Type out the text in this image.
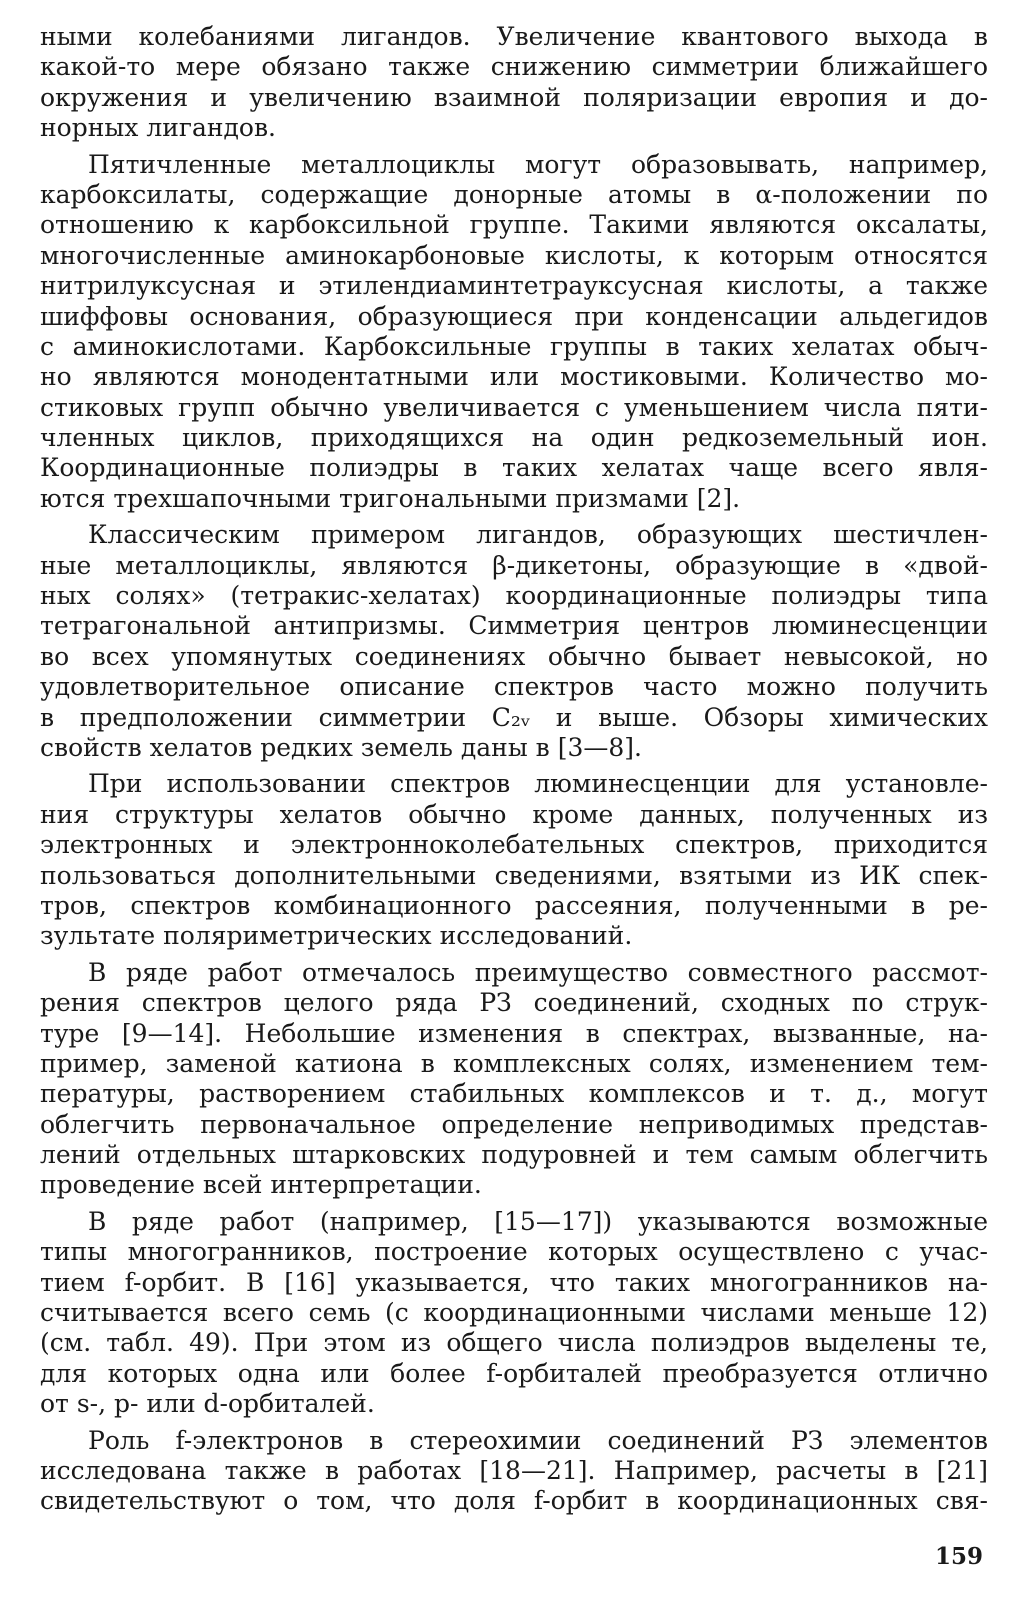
ными колебаниями лигандов. Увеличение квантового выхода в
какой-то мере обязано также снижению симметрии ближайшего
окружения и увеличению взаимной поляризации европия и до-
норных лигандов.
Пятичленные металлоциклы могут образовывать, например,
карбоксилаты, содержащие донорные атомы в α-положении по
отношению к карбоксильной группе. Такими являются оксалаты,
многочисленные аминокарбоновые кислоты, к которым относятся
нитрилуксусная и этилендиаминтетрауксусная кислоты, а также
шиффовы основания, образующиеся при конденсации альдегидов
с аминокислотами. Карбоксильные группы в таких хелатах обыч-
но являются монодентатными или мостиковыми. Количество мо-
стиковых групп обычно увеличивается с уменьшением числа пяти-
членных циклов, приходящихся на один редкоземельный ион.
Координационные полиэдры в таких хелатах чаще всего явля-
ются трехшапочными тригональными призмами [2].
Классическим примером лигандов, образующих шестичлен-
ные металлоциклы, являются β-дикетоны, образующие в «двой-
ных солях» (тетракис-хелатах) координационные полиэдры типа
тетрагональной антипризмы. Симметрия центров люминесценции
во всех упомянутых соединениях обычно бывает невысокой, но
удовлетворительное описание спектров часто можно получить
в предположении симметрии C₂ᵥ и выше. Обзоры химических
свойств хелатов редких земель даны в [3—8].
При использовании спектров люминесценции для установле-
ния структуры хелатов обычно кроме данных, полученных из
электронных и электронноколебательных спектров, приходится
пользоваться дополнительными сведениями, взятыми из ИК спек-
тров, спектров комбинационного рассеяния, полученными в ре-
зультате поляриметрических исследований.
В ряде работ отмечалось преимущество совместного рассмот-
рения спектров целого ряда РЗ соединений, сходных по струк-
туре [9—14]. Небольшие изменения в спектрах, вызванные, на-
пример, заменой катиона в комплексных солях, изменением тем-
пературы, растворением стабильных комплексов и т. д., могут
облегчить первоначальное определение неприводимых представ-
лений отдельных штарковских подуровней и тем самым облегчить
проведение всей интерпретации.
В ряде работ (например, [15—17]) указываются возможные
типы многогранников, построение которых осуществлено с учас-
тием f-орбит. В [16] указывается, что таких многогранников на-
считывается всего семь (с координационными числами меньше 12)
(см. табл. 49). При этом из общего числа полиэдров выделены те,
для которых одна или более f-орбиталей преобразуется отлично
от s-, p- или d-орбиталей.
Роль f-электронов в стереохимии соединений РЗ элементов
исследована также в работах [18—21]. Например, расчеты в [21]
свидетельствуют о том, что доля f-орбит в координационных свя-
159
